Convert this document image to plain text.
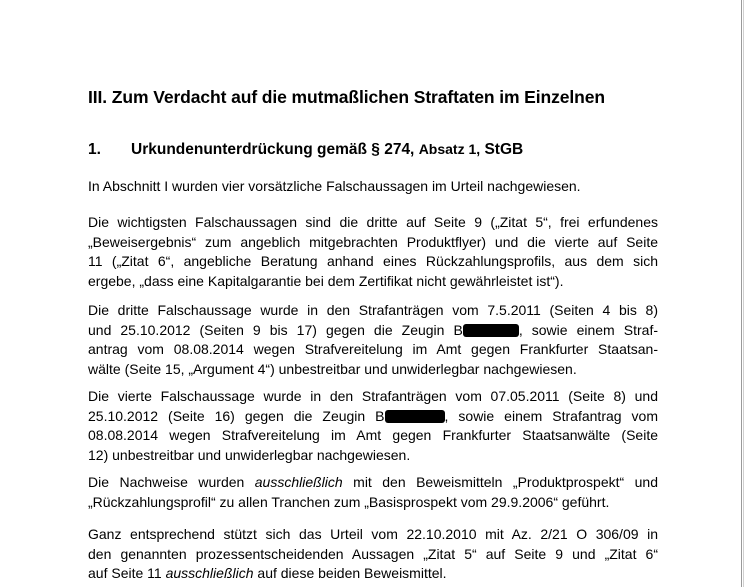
III. Zum Verdacht auf die mutmaßlichen Straftaten im Einzelnen
1. Urkundenunterdrückung gemäß § 274, Absatz 1, StGB

In Abschnitt I wurden vier vorsätzliche Falschaussagen im Urteil nachgewiesen.

Die wichtigsten Falschaussagen sind die dritte auf Seite 9 („Zitat 5“, frei erfundenes
„Beweisergebnis“ zum angeblich mitgebrachten Produktflyer) und die vierte auf Seite
11 („Zitat 6“, angebliche Beratung anhand eines Rückzahlungsprofils, aus dem sich
ergebe, „dass eine Kapitalgarantie bei dem Zertifikat nicht gewährleistet ist“).

Die dritte Falschaussage wurde in den Strafanträgen vom 7.5.2011 (Seiten 4 bis 8)
und 25.10.2012 (Seiten 9 bis 17) gegen die Zeugin B	, sowie einem Straf-
antrag vom 08.08.2014 wegen Strafvereitelung im Amt gegen Frankfurter Staatsan-
wälte (Seite 15, „Argument 4“) unbestreitbar und unwiderlegbar nachgewiesen.

Die vierte Falschaussage wurde in den Strafanträgen vom 07.05.2011 (Seite 8) und
25.10.2012 (Seite 16) gegen die Zeugin B	, sowie einem Strafantrag vom
08.08.2014 wegen Strafvereitelung im Amt gegen Frankfurter Staatsanwälte (Seite
12) unbestreitbar und unwiderlegbar nachgewiesen.

Die Nachweise wurden ausschließlich mit den Beweismitteln „Produktprospekt“ und
„Rückzahlungsprofil“ zu allen Tranchen zum „Basisprospekt vom 29.9.2006“ geführt.

Ganz entsprechend stützt sich das Urteil vom 22.10.2010 mit Az. 2/21 O 306/09 in
den genannten prozessentscheidenden Aussagen „Zitat 5“ auf Seite 9 und „Zitat 6“
auf Seite 11 ausschließlich auf diese beiden Beweismittel.
